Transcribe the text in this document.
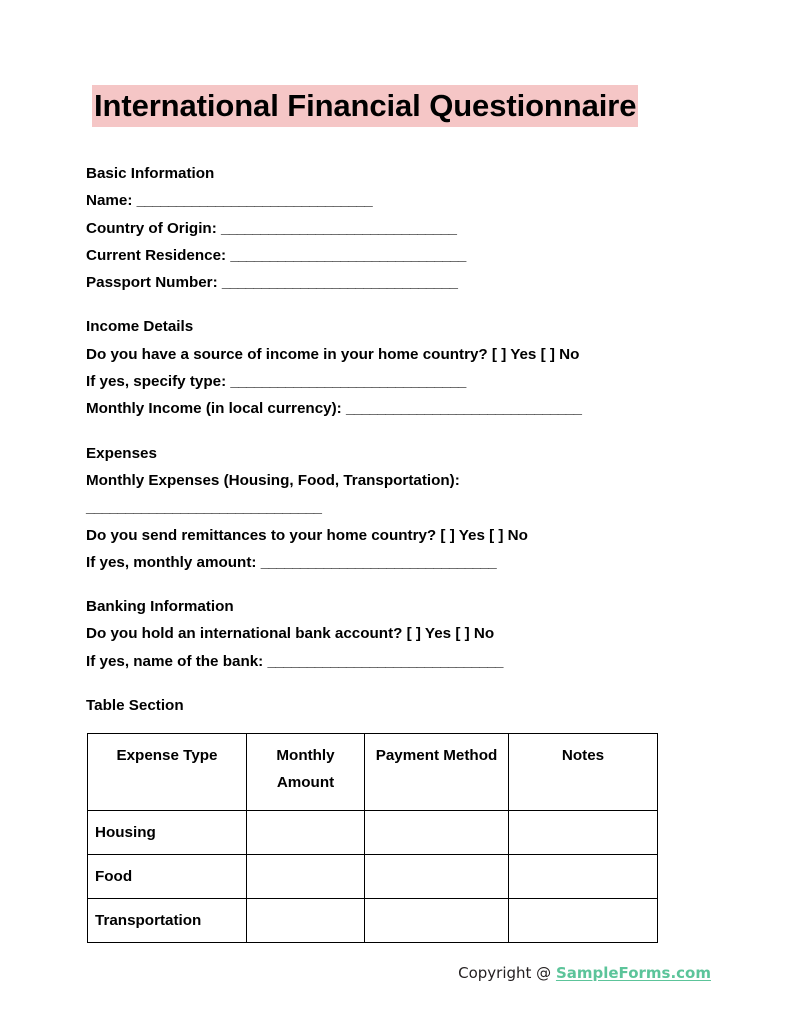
International Financial Questionnaire
Basic Information
Name: ______________________________
Country of Origin: ______________________________
Current Residence: ______________________________
Passport Number: ______________________________
Income Details
Do you have a source of income in your home country? [ ] Yes [ ] No
If yes, specify type: ______________________________
Monthly Income (in local currency): ______________________________
Expenses
Monthly Expenses (Housing, Food, Transportation):
______________________________
Do you send remittances to your home country? [ ] Yes [ ] No
If yes, monthly amount: ______________________________
Banking Information
Do you hold an international bank account? [ ] Yes [ ] No
If yes, name of the bank: ______________________________
Table Section
Expense Type	Monthly Amount	Payment Method	Notes
Housing			
Food			
Transportation			
Copyright @ SampleForms.com
